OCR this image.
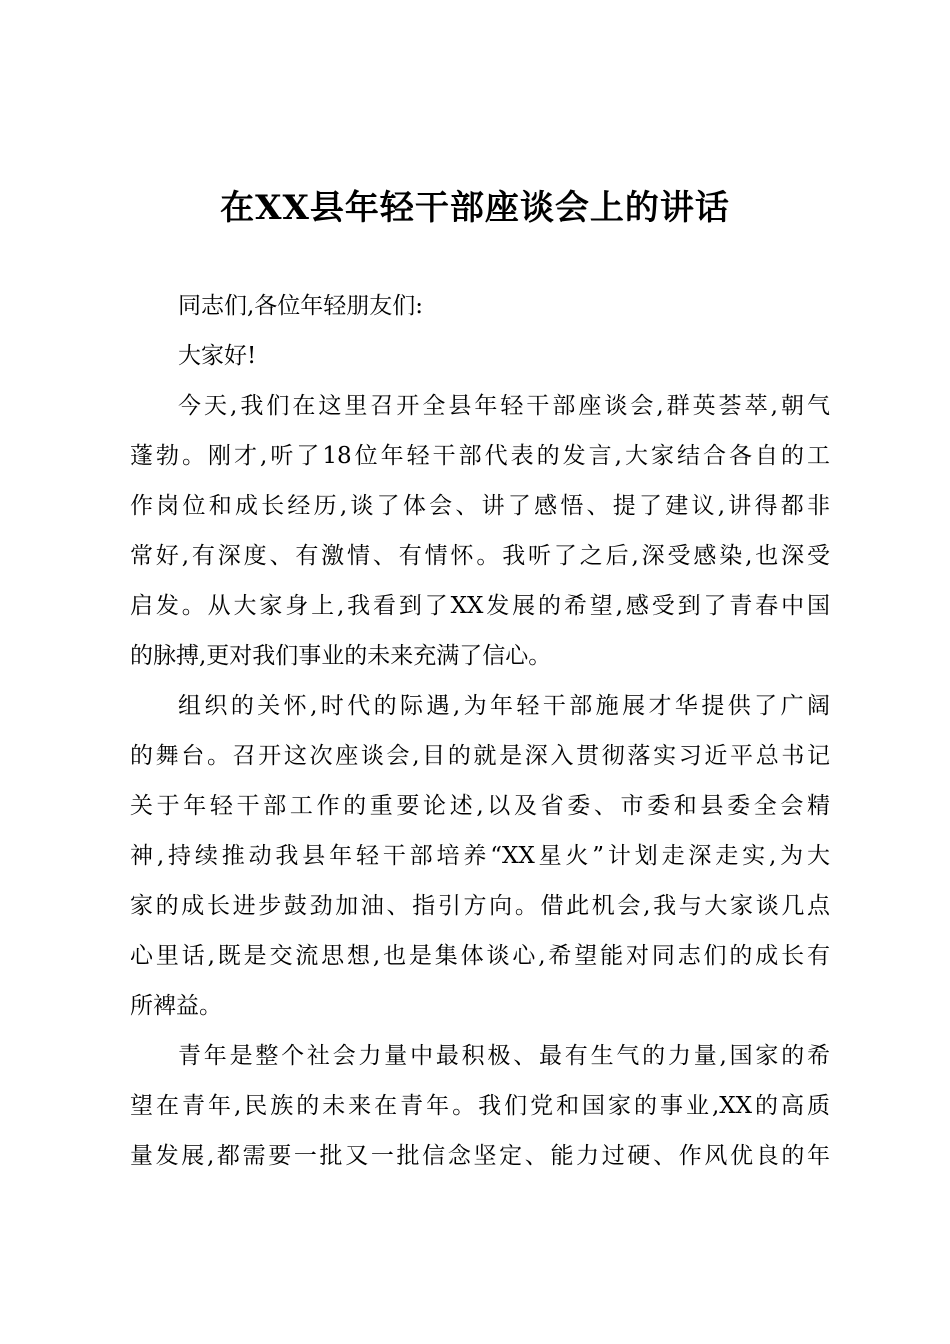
在XX县年轻干部座谈会上的讲话
同志们,各位年轻朋友们:
大家好!
今天,我们在这里召开全县年轻干部座谈会,群英荟萃,朝气
蓬勃。刚才,听了18位年轻干部代表的发言,大家结合各自的工
作岗位和成长经历,谈了体会、讲了感悟、提了建议,讲得都非
常好,有深度、有激情、有情怀。我听了之后,深受感染,也深受
启发。从大家身上,我看到了XX发展的希望,感受到了青春中国
的脉搏,更对我们事业的未来充满了信心。
组织的关怀,时代的际遇,为年轻干部施展才华提供了广阔
的舞台。召开这次座谈会,目的就是深入贯彻落实习近平总书记
关于年轻干部工作的重要论述,以及省委、市委和县委全会精
神,持续推动我县年轻干部培养“XX星火”计划走深走实,为大
家的成长进步鼓劲加油、指引方向。借此机会,我与大家谈几点
心里话,既是交流思想,也是集体谈心,希望能对同志们的成长有
所裨益。
青年是整个社会力量中最积极、最有生气的力量,国家的希
望在青年,民族的未来在青年。我们党和国家的事业,XX的高质
量发展,都需要一批又一批信念坚定、能力过硬、作风优良的年
